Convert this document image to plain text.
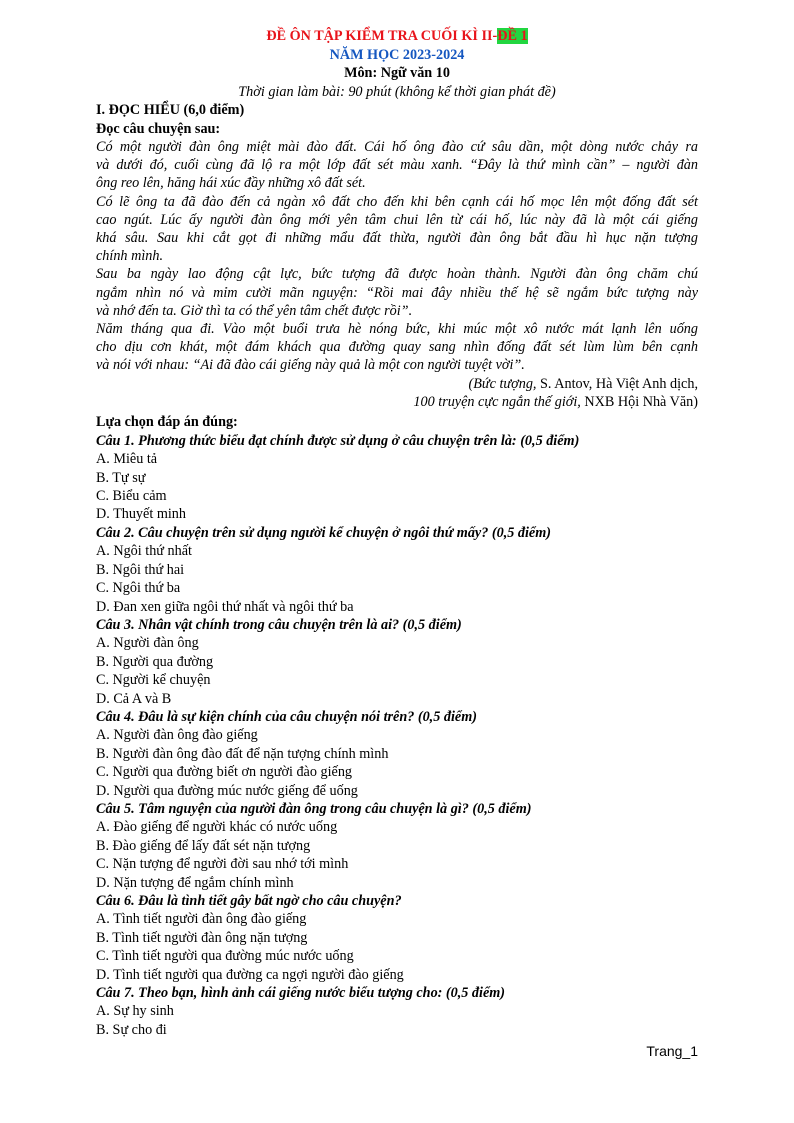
ĐỀ ÔN TẬP KIỂM TRA CUỐI KÌ II-ĐỀ 1
NĂM HỌC 2023-2024
Môn: Ngữ văn 10
Thời gian làm bài: 90 phút (không kể thời gian phát đề)
I. ĐỌC HIỂU (6,0 điểm)
Đọc câu chuyện sau:
Có một người đàn ông miệt mài đào đất. Cái hố ông đào cứ sâu dần, một dòng nước chảy ra
và dưới đó, cuối cùng đã lộ ra một lớp đất sét màu xanh. “Đây là thứ mình cần” – người đàn
ông reo lên, hăng hái xúc đầy những xô đất sét.
Có lẽ ông ta đã đào đến cả ngàn xô đất cho đến khi bên cạnh cái hố mọc lên một đống đất sét
cao ngút. Lúc ấy người đàn ông mới yên tâm chui lên từ cái hố, lúc này đã là một cái giếng
khá sâu. Sau khi cắt gọt đi những mẩu đất thừa, người đàn ông bắt đầu hì hục nặn tượng
chính mình.
Sau ba ngày lao động cật lực, bức tượng đã được hoàn thành. Người đàn ông chăm chú
ngắm nhìn nó và mỉm cười mãn nguyện: “Rồi mai đây nhiều thế hệ sẽ ngắm bức tượng này
và nhớ đến ta. Giờ thì ta có thể yên tâm chết được rồi”.
Năm tháng qua đi. Vào một buổi trưa hè nóng bức, khi múc một xô nước mát lạnh lên uống
cho dịu cơn khát, một đám khách qua đường quay sang nhìn đống đất sét lùm lùm bên cạnh
và nói với nhau: “Ai đã đào cái giếng này quả là một con người tuyệt vời”.
(Bức tượng, S. Antov, Hà Việt Anh dịch,
100 truyện cực ngắn thế giới, NXB Hội Nhà Văn)
Lựa chọn đáp án đúng:
Câu 1. Phương thức biểu đạt chính được sử dụng ở câu chuyện trên là: (0,5 điểm)
A. Miêu tả
B. Tự sự
C. Biểu cảm
D. Thuyết minh
Câu 2. Câu chuyện trên sử dụng người kể chuyện ở ngôi thứ mấy? (0,5 điểm)
A. Ngôi thứ nhất
B. Ngôi thứ hai
C. Ngôi thứ ba
D. Đan xen giữa ngôi thứ nhất và ngôi thứ ba
Câu 3. Nhân vật chính trong câu chuyện trên là ai? (0,5 điểm)
A. Người đàn ông
B. Người qua đường
C. Người kể chuyện
D. Cả A và B
Câu 4. Đâu là sự kiện chính của câu chuyện nói trên? (0,5 điểm)
A. Người đàn ông đào giếng
B. Người đàn ông đào đất để nặn tượng chính mình
C. Người qua đường biết ơn người đào giếng
D. Người qua đường múc nước giếng để uống
Câu 5. Tâm nguyện của người đàn ông trong câu chuyện là gì? (0,5 điểm)
A. Đào giếng để người khác có nước uống
B. Đào giếng để lấy đất sét nặn tượng
C. Nặn tượng để người đời sau nhớ tới mình
D. Nặn tượng để ngắm chính mình
Câu 6. Đâu là tình tiết gây bất ngờ cho câu chuyện?
A. Tình tiết người đàn ông đào giếng
B. Tình tiết người đàn ông nặn tượng
C. Tình tiết người qua đường múc nước uống
D. Tình tiết người qua đường ca ngợi người đào giếng
Câu 7. Theo bạn, hình ảnh cái giếng nước biểu tượng cho: (0,5 điểm)
A. Sự hy sinh
B. Sự cho đi
Trang_1
